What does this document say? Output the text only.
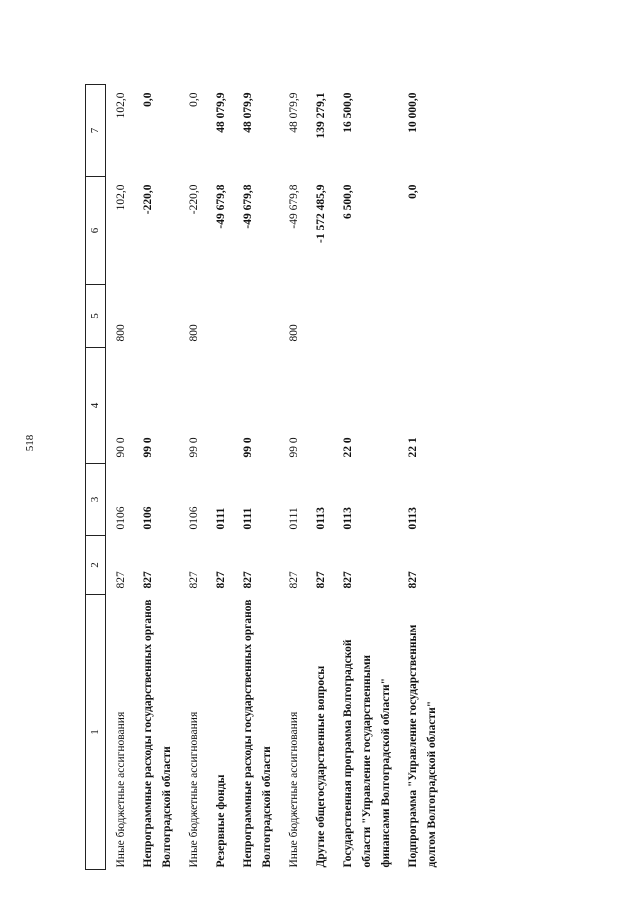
518
1	2	3	4	5	6	7
Иные бюджетные ассигнования	827	0106	90 0	800	102,0	102,0
Непрограммные расходы государственных органов Волгоградской области	827	0106	99 0		-220,0	0,0
Иные бюджетные ассигнования	827	0106	99 0	800	-220,0	0,0
Резервные фонды	827	0111			-49 679,8	48 079,9
Непрограммные расходы государственных органов Волгоградской области	827	0111	99 0		-49 679,8	48 079,9
Иные бюджетные ассигнования	827	0111	99 0	800	-49 679,8	48 079,9
Другие общегосударственные вопросы	827	0113			-1 572 485,9	139 279,1
Государственная программа Волгоградской области "Управление государственными финансами Волгоградской области"	827	0113	22 0		6 500,0	16 500,0
Подпрограмма "Управление государственным долгом Волгоградской области"	827	0113	22 1		0,0	10 000,0
